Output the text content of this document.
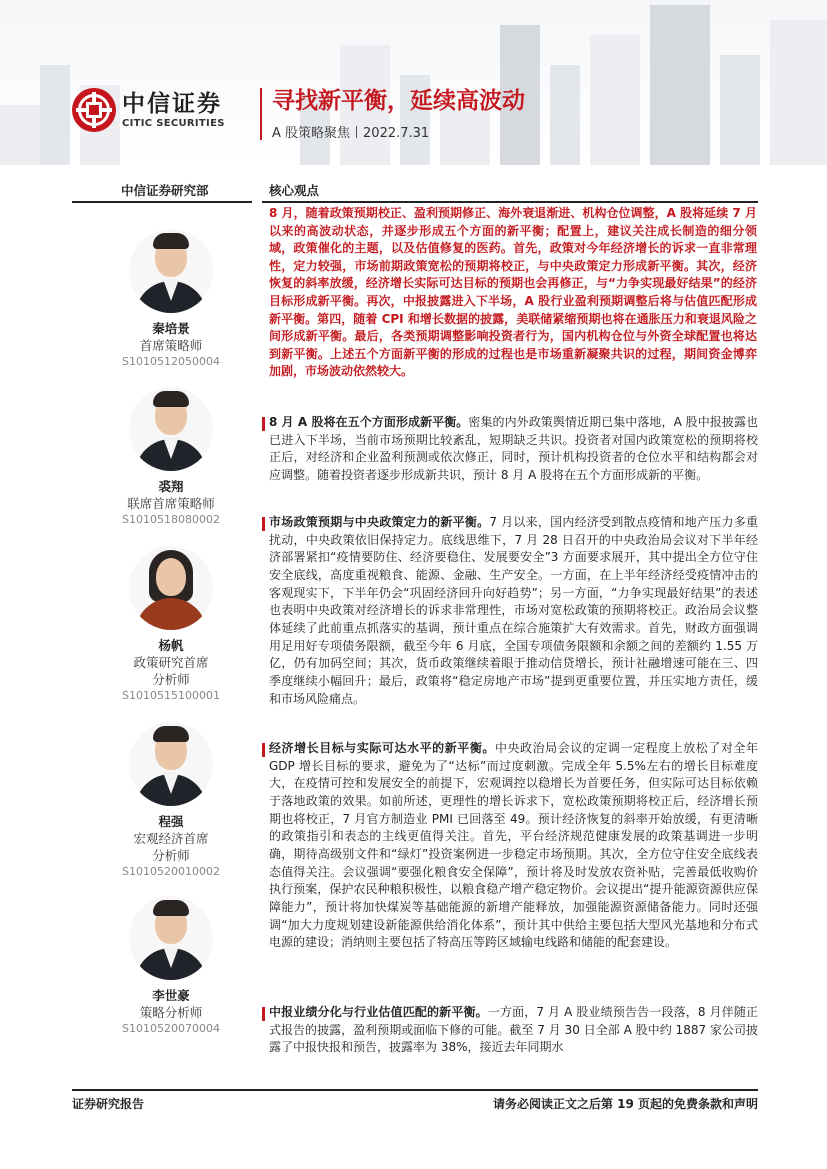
中信证券
CITIC SECURITIES
寻找新平衡，延续高波动
A 股策略聚焦 2022.7.31
中信证券研究部	核心观点
8 月，随着政策预期校正、盈利预期修正、海外衰退渐进、机构仓位调整，A 股将延续 7 月以来的高波动状态，并逐步形成五个方面的新平衡；配置上，建议关注成长制造的细分领域，政策催化的主题，以及估值修复的医药。首先，政策对今年经济增长的诉求一直非常理性，定力较强，市场前期政策宽松的预期将校正，与中央政策定力形成新平衡。其次，经济恢复的斜率放缓，经济增长实际可达目标的预期也会再修正，与“力争实现最好结果”的经济目标形成新平衡。再次，中报披露进入下半场，A 股行业盈利预期调整后将与估值匹配形成新平衡。第四，随着 CPI 和增长数据的披露，美联储紧缩预期也将在通胀压力和衰退风险之间形成新平衡。最后，各类预期调整影响投资者行为，国内机构仓位与外资全球配置也将达到新平衡。上述五个方面新平衡的形成的过程也是市场重新凝聚共识的过程，期间资金博弈加剧，市场波动依然较大。
秦培景
首席策略师
S1010512050004
裘翔
联席首席策略师
S1010518080002
杨帆
政策研究首席
分析师
S1010515100001
程强
宏观经济首席
分析师
S1010520010002
李世豪
策略分析师
S1010520070004
8 月 A 股将在五个方面形成新平衡。密集的内外政策舆情近期已集中落地，A 股中报披露也已进入下半场，当前市场预期比较紊乱，短期缺乏共识。投资者对国内政策宽松的预期将校正后，对经济和企业盈利预测或依次修正，同时，预计机构投资者的仓位水平和结构都会对应调整。随着投资者逐步形成新共识，预计 8 月 A 股将在五个方面形成新的平衡。
市场政策预期与中央政策定力的新平衡。7 月以来，国内经济受到散点疫情和地产压力多重扰动，中央政策依旧保持定力。底线思维下，7 月 28 日召开的中央政治局会议对下半年经济部署紧扣“疫情要防住、经济要稳住、发展要安全”3 方面要求展开，其中提出全方位守住安全底线，高度重视粮食、能源、金融、生产安全。一方面，在上半年经济经受疫情冲击的客观现实下，下半年仍会“巩固经济回升向好趋势”；另一方面，“力争实现最好结果”的表述也表明中央政策对经济增长的诉求非常理性，市场对宽松政策的预期将校正。政治局会议整体延续了此前重点抓落实的基调，预计重点在综合施策扩大有效需求。首先，财政方面强调用足用好专项债务限额，截至今年 6 月底，全国专项债务限额和余额之间的差额约 1.55 万亿，仍有加码空间；其次，货币政策继续着眼于推动信贷增长，预计社融增速可能在三、四季度继续小幅回升；最后，政策将“稳定房地产市场”提到更重要位置，并压实地方责任，缓和市场风险痛点。
经济增长目标与实际可达水平的新平衡。中央政治局会议的定调一定程度上放松了对全年 GDP 增长目标的要求，避免为了“达标”而过度刺激。完成全年 5.5%左右的增长目标难度大，在疫情可控和发展安全的前提下，宏观调控以稳增长为首要任务，但实际可达目标依赖于落地政策的效果。如前所述，更理性的增长诉求下，宽松政策预期将校正后，经济增长预期也将校正，7 月官方制造业 PMI 已回落至 49。预计经济恢复的斜率开始放缓，有更清晰的政策指引和表态的主线更值得关注。首先，平台经济规范健康发展的政策基调进一步明确，期待高级别文件和“绿灯”投资案例进一步稳定市场预期。其次，全方位守住安全底线表态值得关注。会议强调“要强化粮食安全保障”，预计将及时发放农资补贴，完善最低收购价执行预案，保护农民种粮积极性，以粮食稳产增产稳定物价。会议提出“提升能源资源供应保障能力”，预计将加快煤炭等基础能源的新增产能释放，加强能源资源储备能力。同时还强调“加大力度规划建设新能源供给消化体系”，预计其中供给主要包括大型风光基地和分布式电源的建设；消纳则主要包括了特高压等跨区域输电线路和储能的配套建设。
中报业绩分化与行业估值匹配的新平衡。一方面，7 月 A 股业绩预告告一段落，8 月伴随正式报告的披露，盈利预期或面临下修的可能。截至 7 月 30 日全部 A 股中约 1887 家公司披露了中报快报和预告，披露率为 38%，接近去年同期水
证券研究报告	请务必阅读正文之后第 19 页起的免费条款和声明
